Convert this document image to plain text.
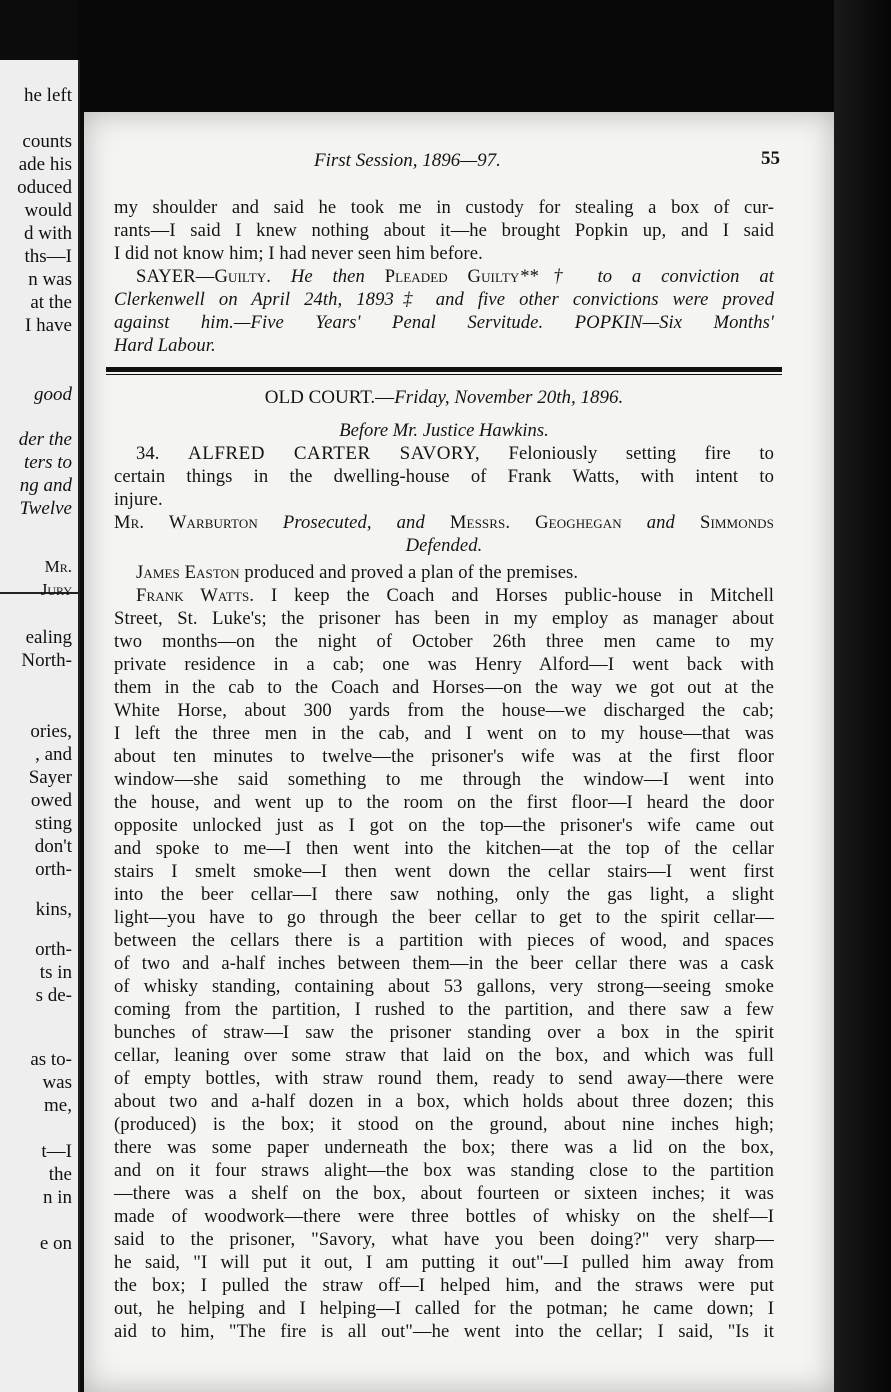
he left
counts
ade his
oduced
would
d with
ths—I
n was
at the
I have
good
der the
ters to
ng and
Twelve
Mr.
Jury
ealing
North-
ories,
, and
Sayer
owed
sting
don't
orth-
kins,
orth-
ts in
s de-
as to-
was
me,
t—I
the
n in
e on
First Session, 1896—97.	55
my shoulder and said he took me in custody for stealing a box of cur-
rants—I said I knew nothing about it—he brought Popkin up, and I said
I did not know him; I had never seen him before.
SAYER—Guilty. He then Pleaded Guilty**† to a conviction at
Clerkenwell on April 24th, 1893‡ and five other convictions were proved
against him.—Five Years' Penal Servitude. POPKIN—Six Months'
Hard Labour.
OLD COURT.—Friday, November 20th, 1896.
Before Mr. Justice Hawkins.
34. ALFRED CARTER SAVORY, Feloniously setting fire to
certain things in the dwelling-house of Frank Watts, with intent to
injure.
Mr. Warburton Prosecuted, and Messrs. Geoghegan and Simmonds
Defended.
James Easton produced and proved a plan of the premises.
Frank Watts. I keep the Coach and Horses public-house in Mitchell
Street, St. Luke's; the prisoner has been in my employ as manager about
two months—on the night of October 26th three men came to my
private residence in a cab; one was Henry Alford—I went back with
them in the cab to the Coach and Horses—on the way we got out at the
White Horse, about 300 yards from the house—we discharged the cab;
I left the three men in the cab, and I went on to my house—that was
about ten minutes to twelve—the prisoner's wife was at the first floor
window—she said something to me through the window—I went into
the house, and went up to the room on the first floor—I heard the door
opposite unlocked just as I got on the top—the prisoner's wife came out
and spoke to me—I then went into the kitchen—at the top of the cellar
stairs I smelt smoke—I then went down the cellar stairs—I went first
into the beer cellar—I there saw nothing, only the gas light, a slight
light—you have to go through the beer cellar to get to the spirit cellar—
between the cellars there is a partition with pieces of wood, and spaces
of two and a-half inches between them—in the beer cellar there was a cask
of whisky standing, containing about 53 gallons, very strong—seeing smoke
coming from the partition, I rushed to the partition, and there saw a few
bunches of straw—I saw the prisoner standing over a box in the spirit
cellar, leaning over some straw that laid on the box, and which was full
of empty bottles, with straw round them, ready to send away—there were
about two and a-half dozen in a box, which holds about three dozen; this
(produced) is the box; it stood on the ground, about nine inches high;
there was some paper underneath the box; there was a lid on the box,
and on it four straws alight—the box was standing close to the partition
—there was a shelf on the box, about fourteen or sixteen inches; it was
made of woodwork—there were three bottles of whisky on the shelf—I
said to the prisoner, "Savory, what have you been doing?" very sharp—
he said, "I will put it out, I am putting it out"—I pulled him away from
the box; I pulled the straw off—I helped him, and the straws were put
out, he helping and I helping—I called for the potman; he came down; I
aid to him, "The fire is all out"—he went into the cellar; I said, "Is it
